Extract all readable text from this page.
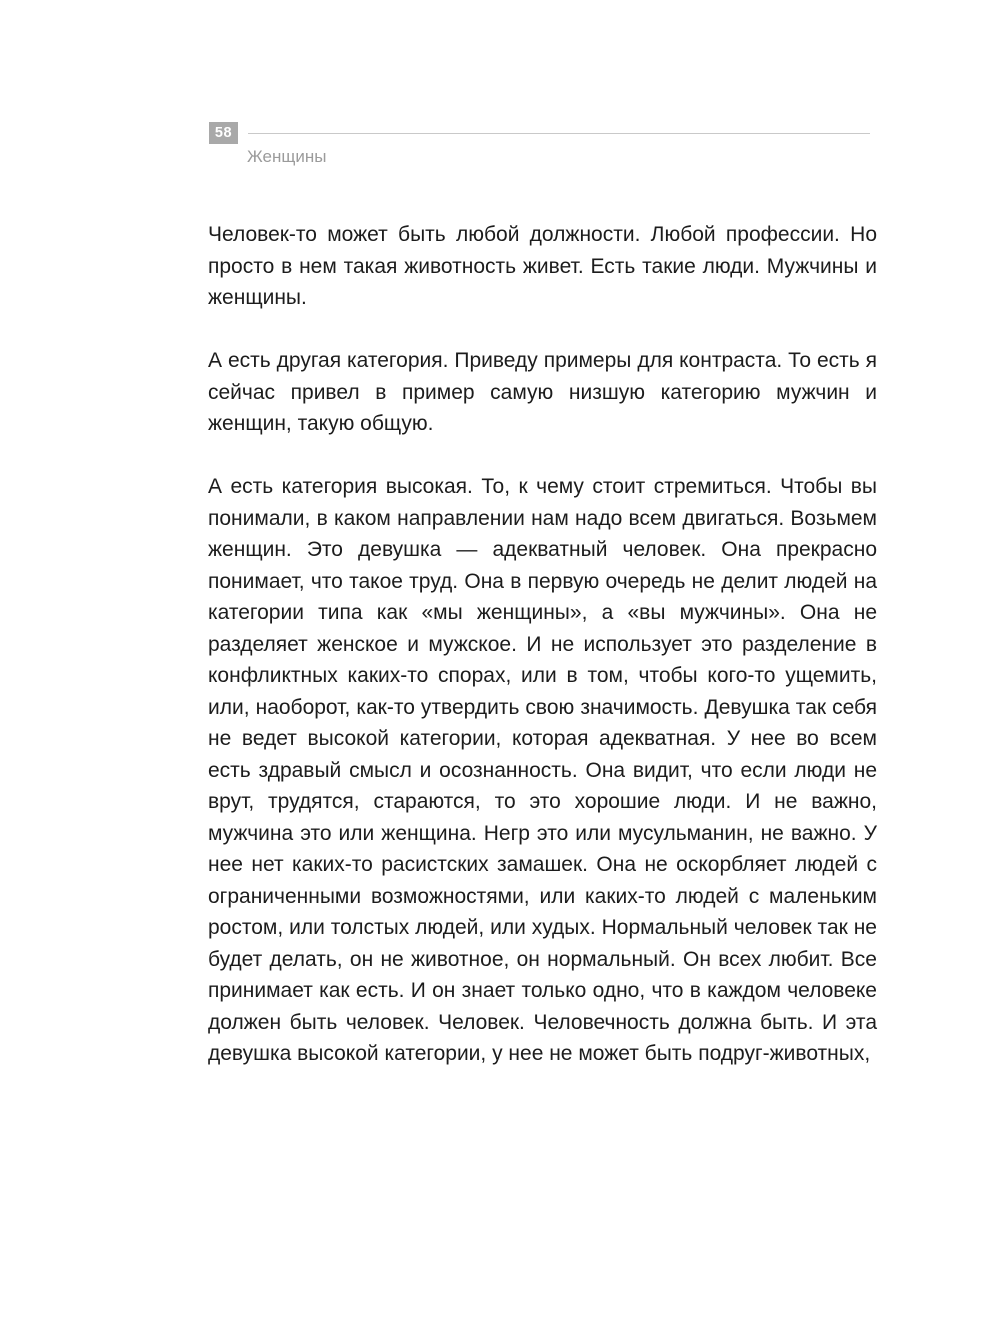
58
Женщины

Человек-то может быть любой должности. Любой профессии. Но просто в нем такая животность живет. Есть такие люди. Мужчины и женщины.

А есть другая категория. Приведу примеры для контраста. То есть я сейчас привел в пример самую низшую категорию мужчин и женщин, такую общую.

А есть категория высокая. То, к чему стоит стремиться. Чтобы вы понимали, в каком направлении нам надо всем двигаться. Возьмем женщин. Это девушка — адекватный человек. Она прекрасно понимает, что такое труд. Она в первую очередь не делит людей на категории типа как «мы женщины», а «вы мужчины». Она не разделяет женское и мужское. И не использует это разделение в конфликтных каких-то спорах, или в том, чтобы кого-то ущемить, или, наоборот, как-то утвердить свою значимость. Девушка так себя не ведет высокой категории, которая адекватная. У нее во всем есть здравый смысл и осознанность. Она видит, что если люди не врут, трудятся, стараются, то это хорошие люди. И не важно, мужчина это или женщина. Негр это или мусульманин, не важно. У нее нет каких-то расистских замашек. Она не оскорбляет людей с ограниченными возможностями, или каких-то людей с маленьким ростом, или толстых людей, или худых. Нормальный человек так не будет делать, он не животное, он нормальный. Он всех любит. Все принимает как есть. И он знает только одно, что в каждом человеке должен быть человек. Человек. Человечность должна быть. И эта девушка высокой категории, у нее не может быть подруг-животных,
